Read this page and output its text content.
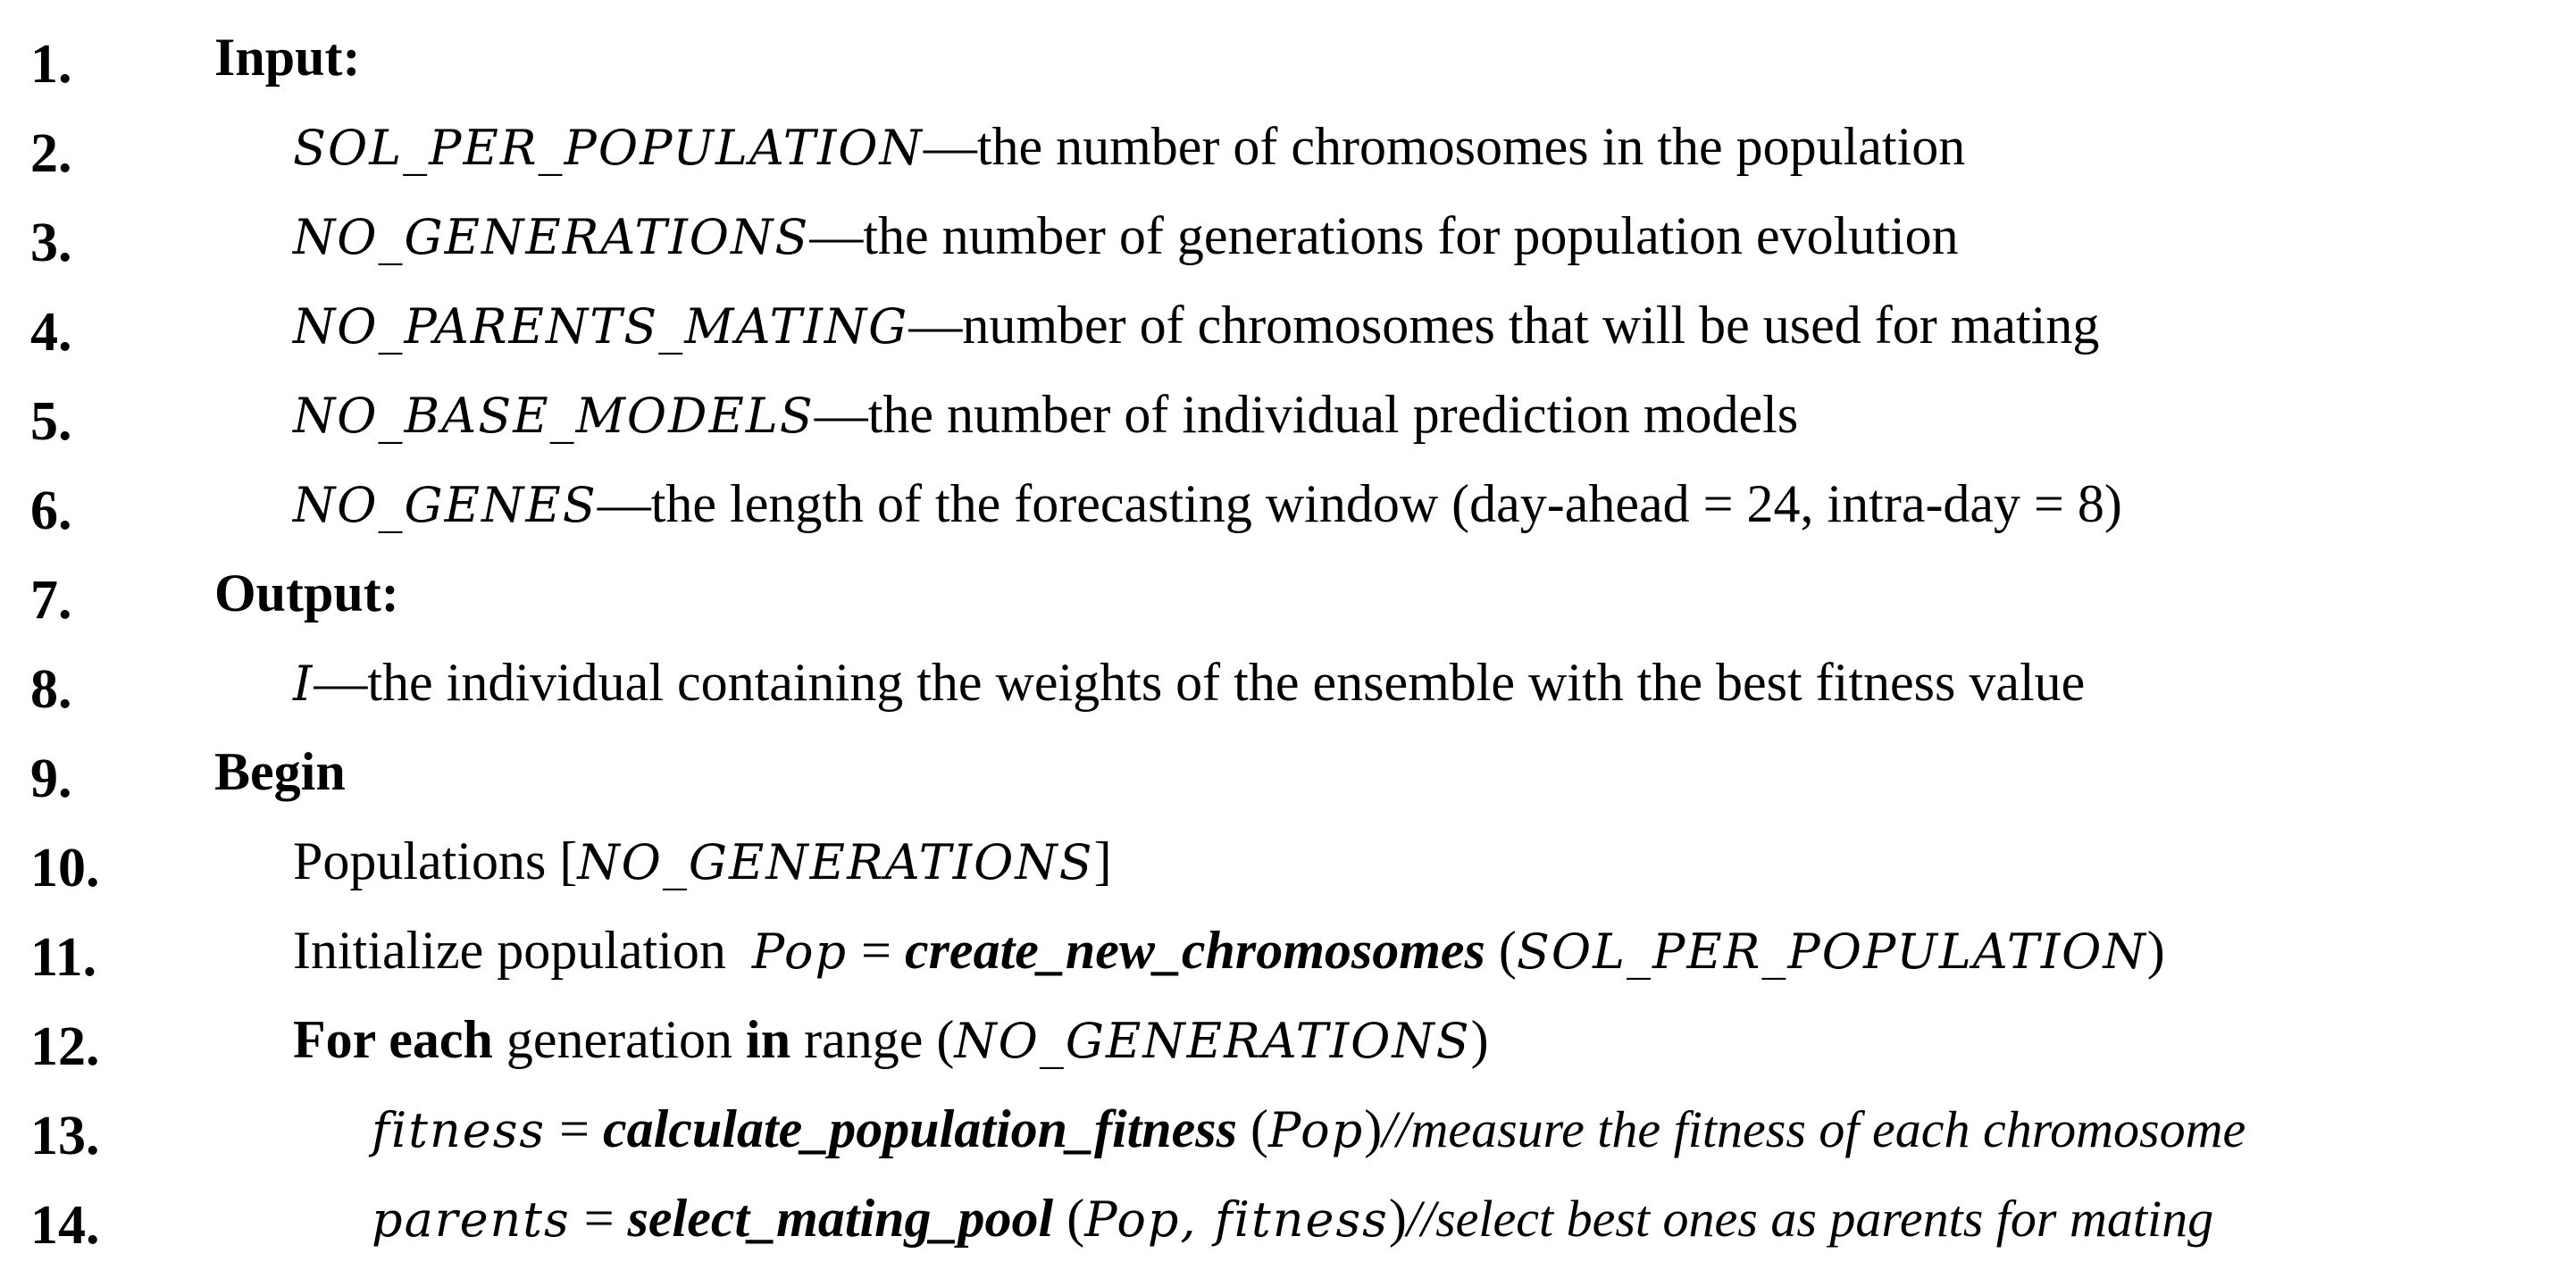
1.	Input:
2.	SOL_PER_POPULATION—the number of chromosomes in the population
3.	NO_GENERATIONS—the number of generations for population evolution
4.	NO_PARENTS_MATING—number of chromosomes that will be used for mating
5.	NO_BASE_MODELS—the number of individual prediction models
6.	NO_GENES—the length of the forecasting window (day-ahead = 24, intra-day = 8)
7.	Output:
8.	I—the individual containing the weights of the ensemble with the best fitness value
9.	Begin
10.	Populations [NO_GENERATIONS]
11.	Initialize population Pop = create_new_chromosomes (SOL_PER_POPULATION)
12.	For each generation in range (NO_GENERATIONS)
13.	fitness = calculate_population_fitness (Pop)//measure the fitness of each chromosome
14.	parents = select_mating_pool (Pop, fitness)//select best ones as parents for mating
